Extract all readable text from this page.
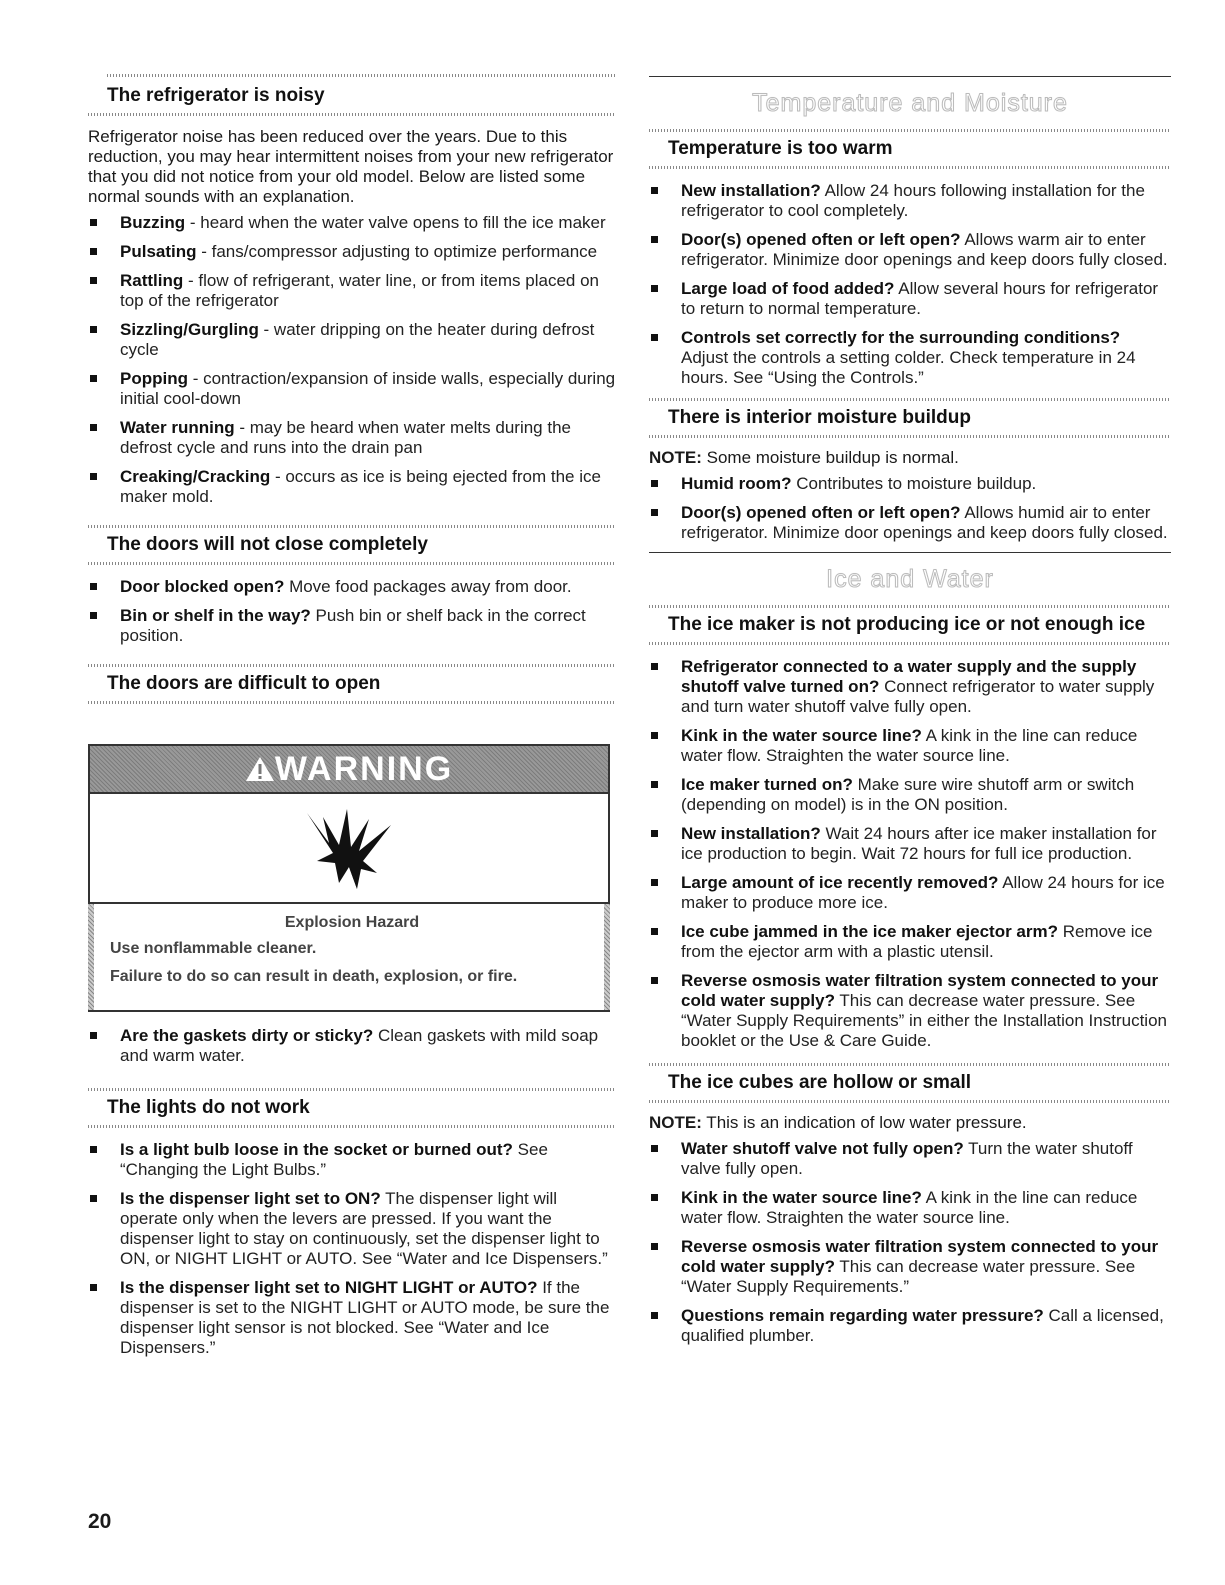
The refrigerator is noisy

Refrigerator noise has been reduced over the years. Due to this reduction, you may hear intermittent noises from your new refrigerator that you did not notice from your old model. Below are listed some normal sounds with an explanation.

Buzzing - heard when the water valve opens to fill the ice maker
Pulsating - fans/compressor adjusting to optimize performance
Rattling - flow of refrigerant, water line, or from items placed on top of the refrigerator
Sizzling/Gurgling - water dripping on the heater during defrost cycle
Popping - contraction/expansion of inside walls, especially during initial cool-down
Water running - may be heard when water melts during the defrost cycle and runs into the drain pan
Creaking/Cracking - occurs as ice is being ejected from the ice maker mold.
The doors will not close completely
Door blocked open? Move food packages away from door.
Bin or shelf in the way? Push bin or shelf back in the correct position.
The doors are difficult to open
WARNING
Explosion Hazard
Use nonflammable cleaner.
Failure to do so can result in death, explosion, or fire.
Are the gaskets dirty or sticky? Clean gaskets with mild soap and warm water.
The lights do not work
Is a light bulb loose in the socket or burned out? See “Changing the Light Bulbs.”
Is the dispenser light set to ON? The dispenser light will operate only when the levers are pressed. If you want the dispenser light to stay on continuously, set the dispenser light to ON, or NIGHT LIGHT or AUTO. See “Water and Ice Dispensers.”
Is the dispenser light set to NIGHT LIGHT or AUTO? If the dispenser is set to the NIGHT LIGHT or AUTO mode, be sure the dispenser light sensor is not blocked. See “Water and Ice Dispensers.”
Temperature and Moisture
Temperature is too warm
New installation? Allow 24 hours following installation for the refrigerator to cool completely.
Door(s) opened often or left open? Allows warm air to enter refrigerator. Minimize door openings and keep doors fully closed.
Large load of food added? Allow several hours for refrigerator to return to normal temperature.
Controls set correctly for the surrounding conditions? Adjust the controls a setting colder. Check temperature in 24 hours. See “Using the Controls.”
There is interior moisture buildup

NOTE: Some moisture buildup is normal.

Humid room? Contributes to moisture buildup.
Door(s) opened often or left open? Allows humid air to enter refrigerator. Minimize door openings and keep doors fully closed.
Ice and Water
The ice maker is not producing ice or not enough ice
Refrigerator connected to a water supply and the supply shutoff valve turned on? Connect refrigerator to water supply and turn water shutoff valve fully open.
Kink in the water source line? A kink in the line can reduce water flow. Straighten the water source line.
Ice maker turned on? Make sure wire shutoff arm or switch (depending on model) is in the ON position.
New installation? Wait 24 hours after ice maker installation for ice production to begin. Wait 72 hours for full ice production.
Large amount of ice recently removed? Allow 24 hours for ice maker to produce more ice.
Ice cube jammed in the ice maker ejector arm? Remove ice from the ejector arm with a plastic utensil.
Reverse osmosis water filtration system connected to your cold water supply? This can decrease water pressure. See “Water Supply Requirements” in either the Installation Instruction booklet or the Use & Care Guide.
The ice cubes are hollow or small

NOTE: This is an indication of low water pressure.

Water shutoff valve not fully open? Turn the water shutoff valve fully open.
Kink in the water source line? A kink in the line can reduce water flow. Straighten the water source line.
Reverse osmosis water filtration system connected to your cold water supply? This can decrease water pressure. See “Water Supply Requirements.”
Questions remain regarding water pressure? Call a licensed, qualified plumber.
20
